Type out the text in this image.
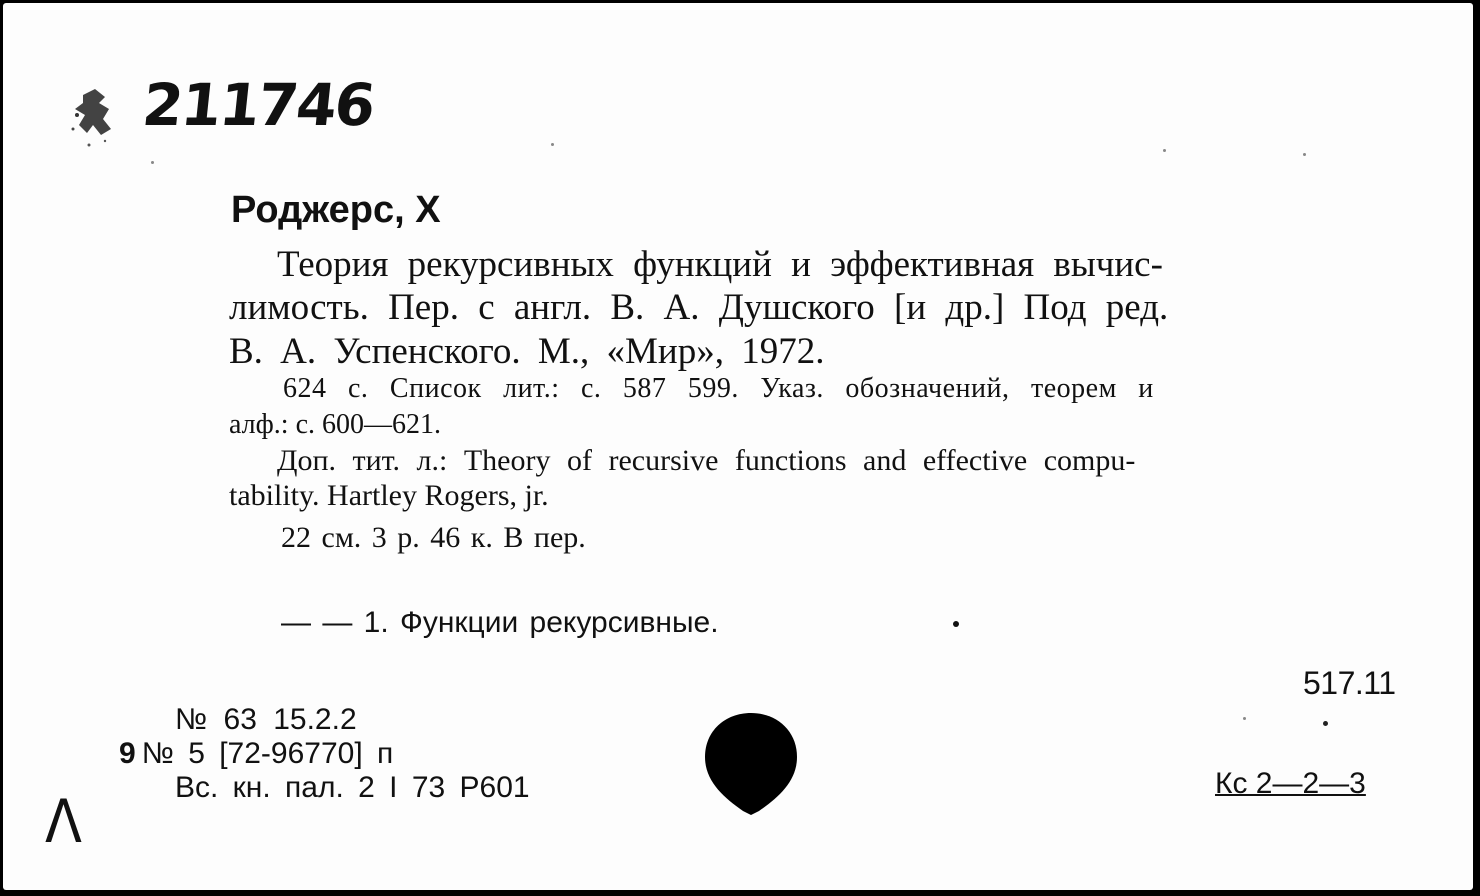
211746
Роджерс, Х
Теория рекурсивных функций и эффективная вычис-
лимость. Пер. с англ. В. А. Душского [и др.] Под ред.
В. А. Успенского. М., «Мир», 1972.
624 с. Список лит.: с. 587 599. Указ. обозначений, теорем и
алф.: с. 600—621.
Доп. тит. л.: Theory of recursive functions and effective compu-
tability. Hartley Rogers, jr.
22 см. 3 р. 46 к. В пер.
— — 1. Функции рекурсивные.
517.11
№ 63 15.2.2
9 № 5 [72-96770] п
Вс. кн. пал. 2 I 73 Р601	Кс 2—2—3
Λ
